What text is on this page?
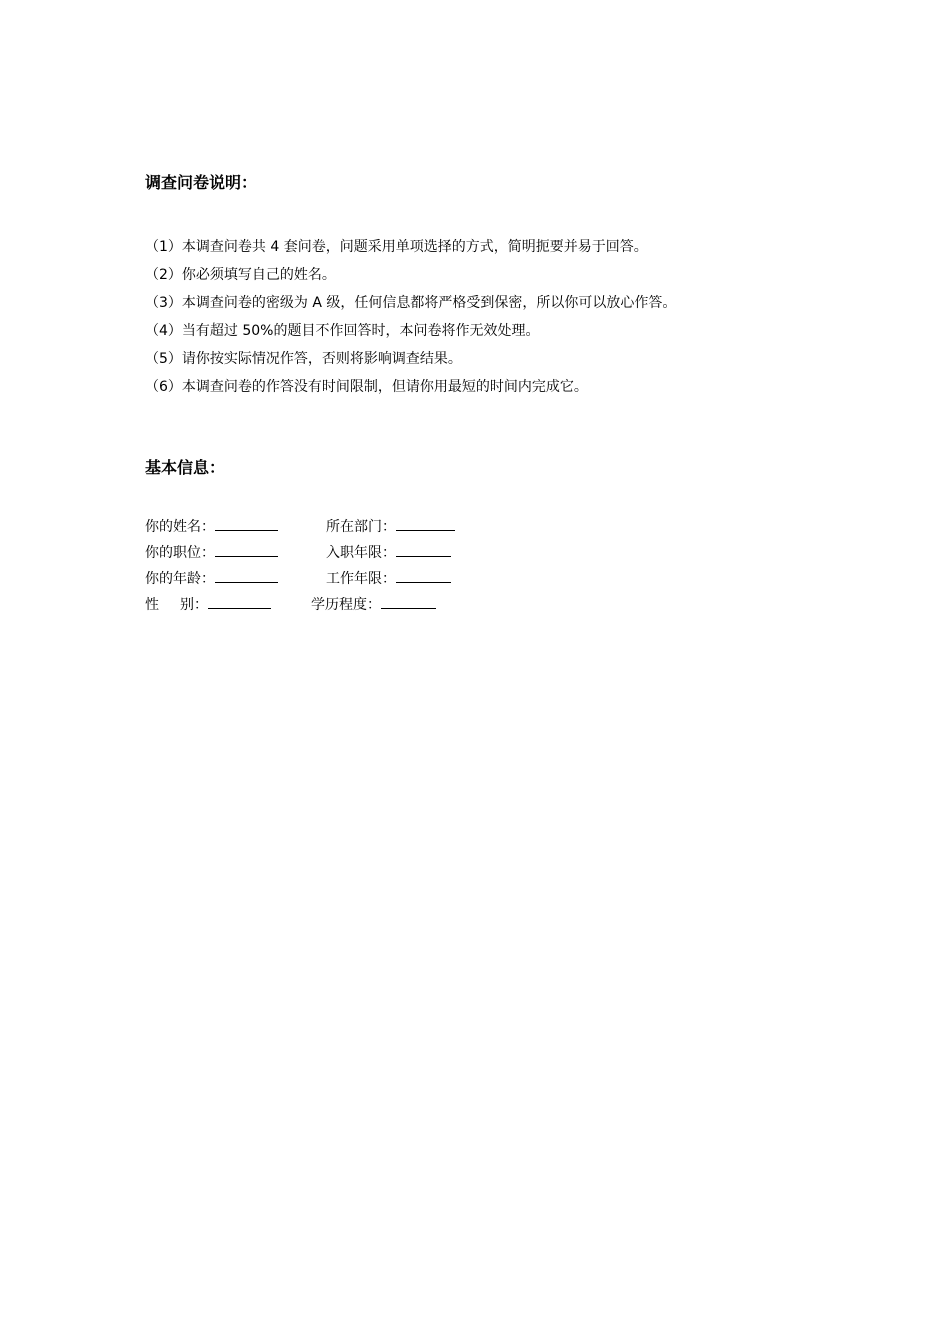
调查问卷说明：
（1）本调查问卷共 4 套问卷，问题采用单项选择的方式，简明扼要并易于回答。
（2）你必须填写自己的姓名。
（3）本调查问卷的密级为 A 级，任何信息都将严格受到保密，所以你可以放心作答。
（4）当有超过 50%的题目不作回答时，本问卷将作无效处理。
（5）请你按实际情况作答，否则将影响调查结果。
（6）本调查问卷的作答没有时间限制，但请你用最短的时间内完成它。
基本信息：
你的姓名：	所在部门：
你的职位：	入职年限：
你的年龄：	工作年限：
性 别：	学历程度：
